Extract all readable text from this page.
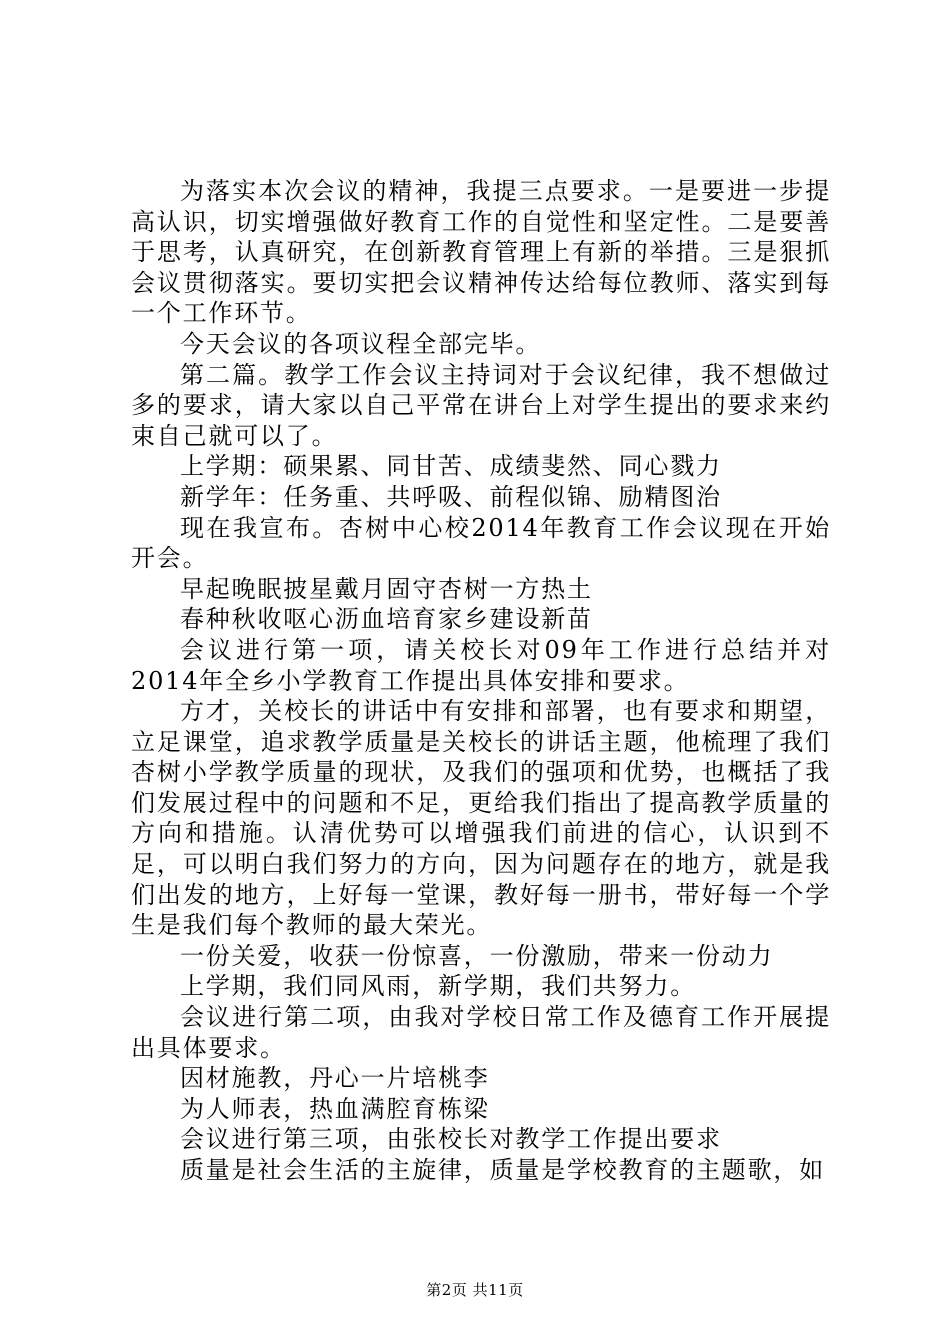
为落实本次会议的精神，我提三点要求。一是要进一步提高认识，切实增强做好教育工作的自觉性和坚定性。二是要善于思考，认真研究，在创新教育管理上有新的举措。三是狠抓会议贯彻落实。要切实把会议精神传达给每位教师、落实到每一个工作环节。

今天会议的各项议程全部完毕。

第二篇。教学工作会议主持词对于会议纪律，我不想做过多的要求，请大家以自己平常在讲台上对学生提出的要求来约束自己就可以了。

上学期：硕果累、同甘苦、成绩斐然、同心戮力

新学年：任务重、共呼吸、前程似锦、励精图治

现在我宣布。杏树中心校2014年教育工作会议现在开始开会。

早起晚眠披星戴月固守杏树一方热土

春种秋收呕心沥血培育家乡建设新苗

会议进行第一项，请关校长对09年工作进行总结并对2014年全乡小学教育工作提出具体安排和要求。

方才，关校长的讲话中有安排和部署，也有要求和期望，立足课堂，追求教学质量是关校长的讲话主题，他梳理了我们杏树小学教学质量的现状，及我们的强项和优势，也概括了我们发展过程中的问题和不足，更给我们指出了提高教学质量的方向和措施。认清优势可以增强我们前进的信心，认识到不足，可以明白我们努力的方向，因为问题存在的地方，就是我们出发的地方，上好每一堂课，教好每一册书，带好每一个学生是我们每个教师的最大荣光。

一份关爱，收获一份惊喜，一份激励，带来一份动力

上学期，我们同风雨，新学期，我们共努力。

会议进行第二项，由我对学校日常工作及德育工作开展提出具体要求。

因材施教，丹心一片培桃李

为人师表，热血满腔育栋梁

会议进行第三项，由张校长对教学工作提出要求

质量是社会生活的主旋律，质量是学校教育的主题歌，如

第2页 共11页
